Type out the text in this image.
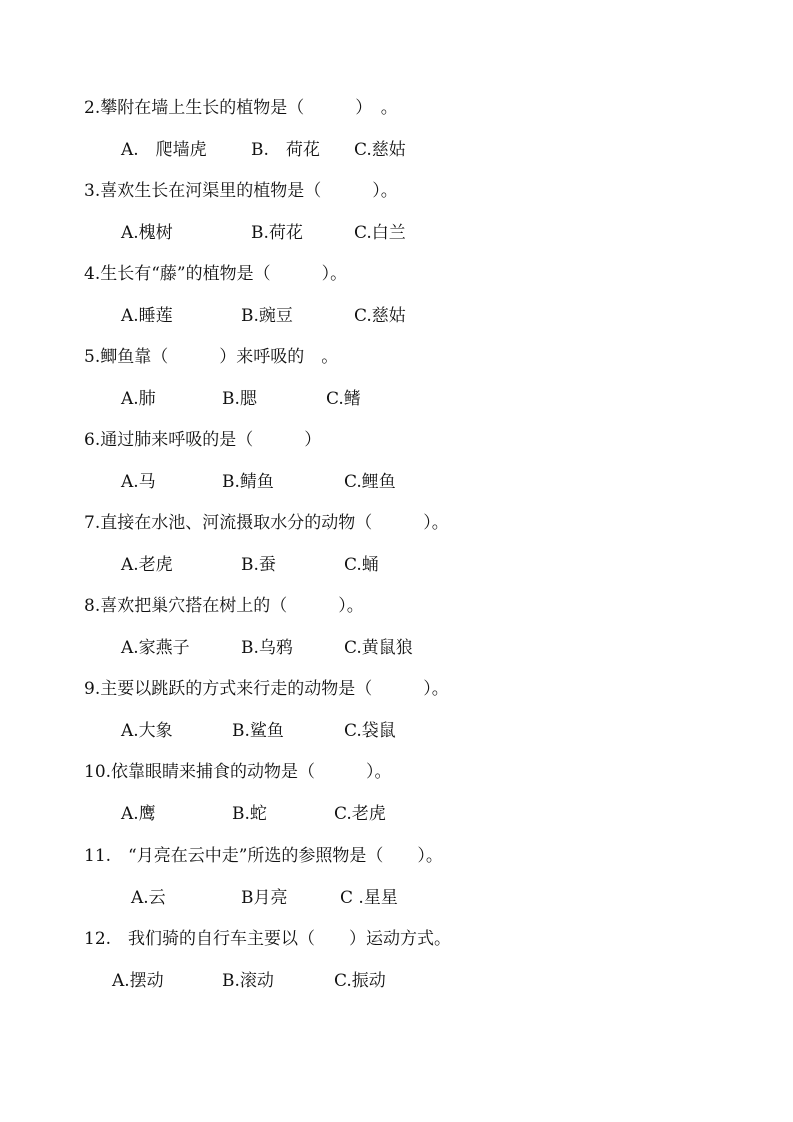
2.攀附在墙上生长的植物是（　　　）　。
A.　爬墙虎	B.　荷花 C.慈姑
3.喜欢生长在河渠里的植物是（　　　）。
A.槐树	B.荷花	C.白兰
4.生长有“藤”的植物是（　　　）。
A.睡莲	B.豌豆	C.慈姑
5.鲫鱼靠（　　　）来呼吸的　。
A.肺	B.腮	C.鳍
6.通过肺来呼吸的是（　　　）
A.马	B.鲭鱼	C.鲤鱼
7.直接在水池、河流摄取水分的动物（　　　）。
A.老虎	B.蚕	C.蛹
8.喜欢把巢穴搭在树上的（　　　）。
A.家燕子	B.乌鸦	C.黄鼠狼
9.主要以跳跃的方式来行走的动物是（　　　）。
A.大象	B.鲨鱼	C.袋鼠
10.依靠眼睛来捕食的动物是（　　　）。
A.鹰	B.蛇	C.老虎
11.　“月亮在云中走”所选的参照物是（　　）。
A.云	B月亮	C .星星
12.　我们骑的自行车主要以（　　）运动方式。
A.摆动	B.滚动	C.振动
